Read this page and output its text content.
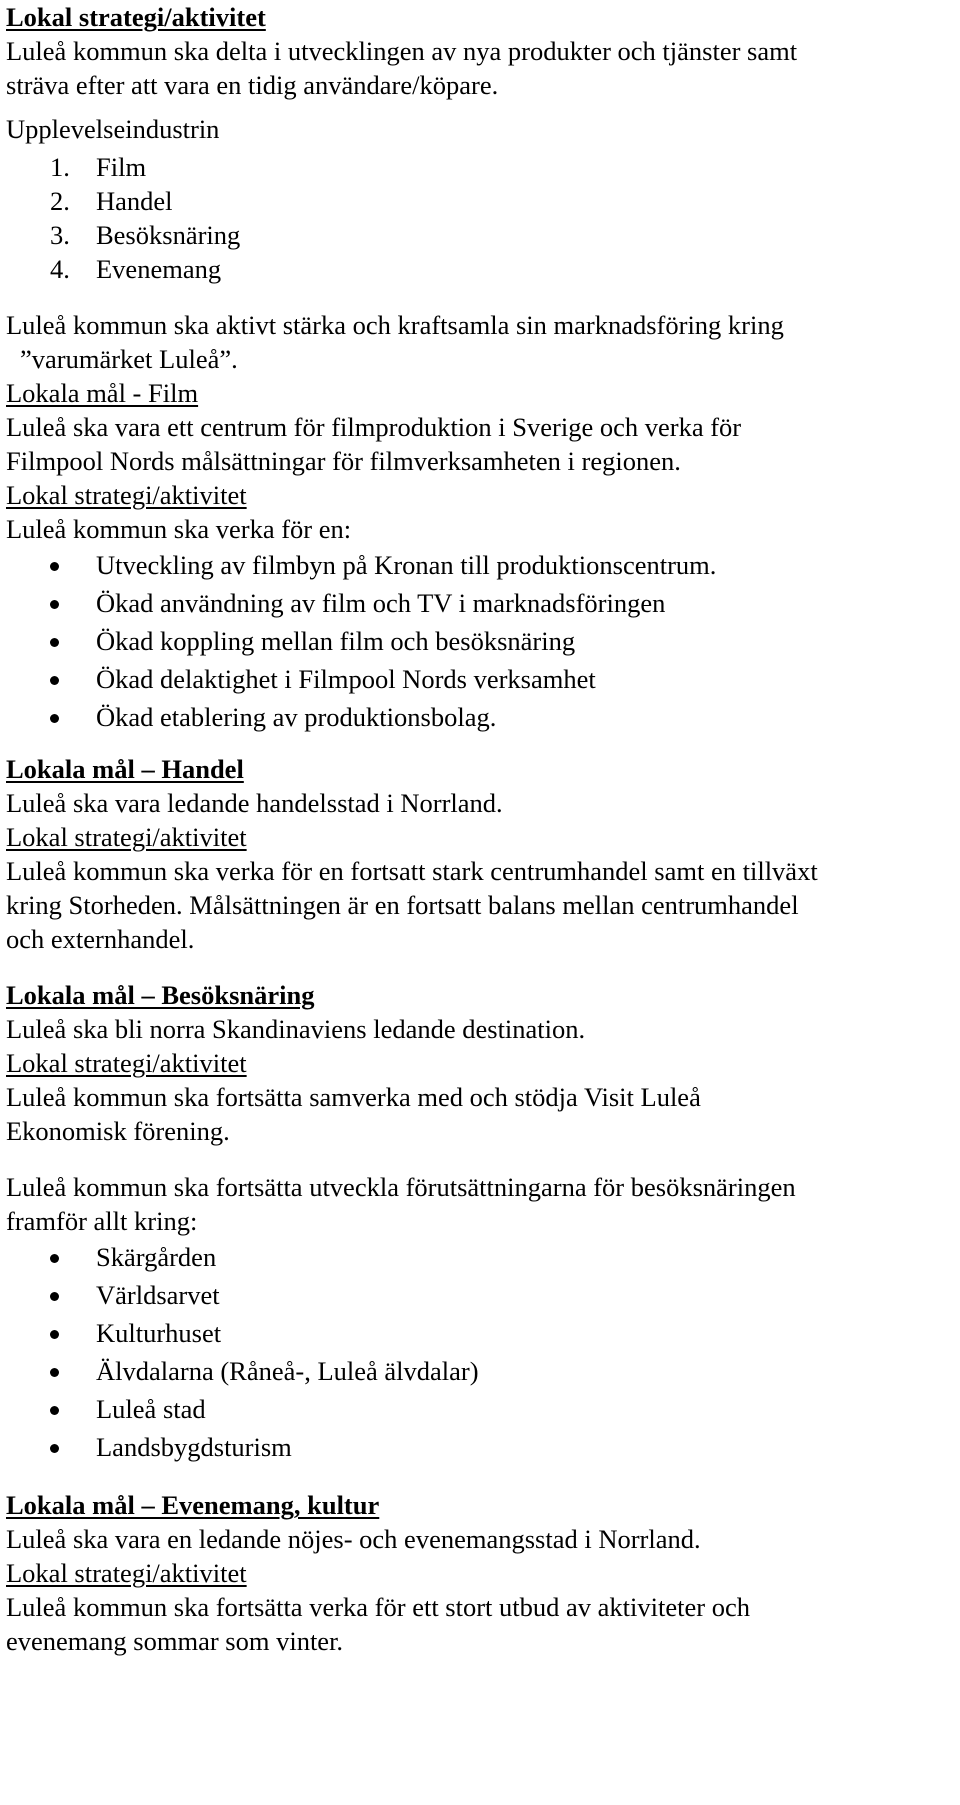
Lokal strategi/aktivitet
Luleå kommun ska delta i utvecklingen av nya produkter och tjänster samt
sträva efter att vara en tidig användare/köpare.
Upplevelseindustrin
1. Film
2. Handel
3. Besöksnäring
4. Evenemang
Luleå kommun ska aktivt stärka och kraftsamla sin marknadsföring kring
”varumärket Luleå”.
Lokala mål - Film
Luleå ska vara ett centrum för filmproduktion i Sverige och verka för
Filmpool Nords målsättningar för filmverksamheten i regionen.
Lokal strategi/aktivitet
Luleå kommun ska verka för en:
Utveckling av filmbyn på Kronan till produktionscentrum.
Ökad användning av film och TV i marknadsföringen
Ökad koppling mellan film och besöksnäring
Ökad delaktighet i Filmpool Nords verksamhet
Ökad etablering av produktionsbolag.
Lokala mål – Handel
Luleå ska vara ledande handelsstad i Norrland.
Lokal strategi/aktivitet
Luleå kommun ska verka för en fortsatt stark centrumhandel samt en tillväxt
kring Storheden. Målsättningen är en fortsatt balans mellan centrumhandel
och externhandel.
Lokala mål – Besöksnäring
Luleå ska bli norra Skandinaviens ledande destination.
Lokal strategi/aktivitet
Luleå kommun ska fortsätta samverka med och stödja Visit Luleå
Ekonomisk förening.
Luleå kommun ska fortsätta utveckla förutsättningarna för besöksnäringen
framför allt kring:
Skärgården
Världsarvet
Kulturhuset
Älvdalarna (Råneå-, Luleå älvdalar)
Luleå stad
Landsbygdsturism
Lokala mål – Evenemang, kultur
Luleå ska vara en ledande nöjes- och evenemangsstad i Norrland.
Lokal strategi/aktivitet
Luleå kommun ska fortsätta verka för ett stort utbud av aktiviteter och
evenemang sommar som vinter.
